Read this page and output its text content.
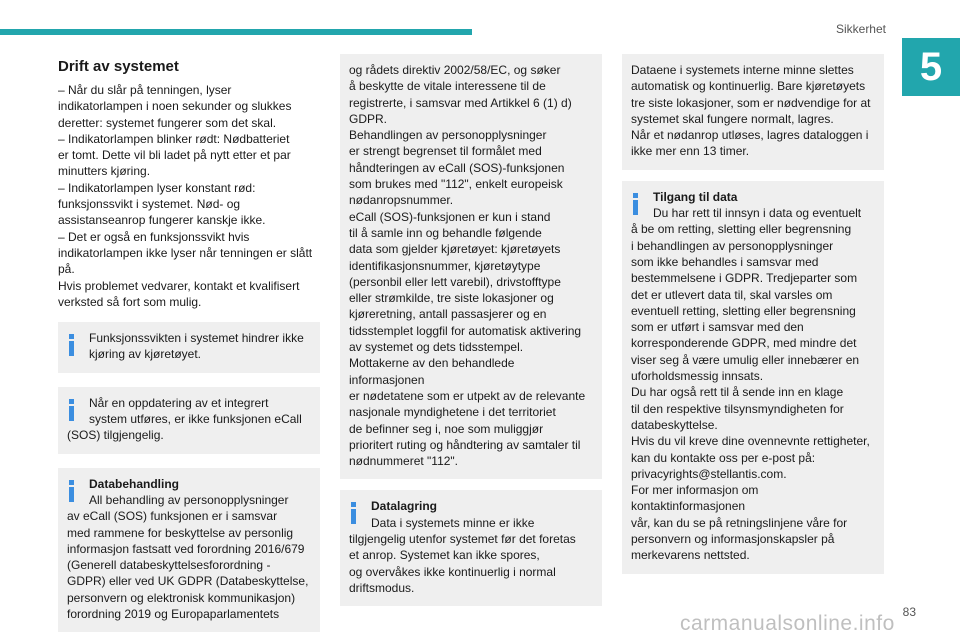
Sikkerhet
5
Drift av systemet
– Når du slår på tenningen, lyser
indikatorlampen i noen sekunder og slukkes
deretter: systemet fungerer som det skal.
– Indikatorlampen blinker rødt: Nødbatteriet
er tomt. Dette vil bli ladet på nytt etter et par
minutters kjøring.
– Indikatorlampen lyser konstant rød:
funksjonssvikt i systemet. Nød- og
assistanseanrop fungerer kanskje ikke.
– Det er også en funksjonssvikt hvis
indikatorlampen ikke lyser når tenningen er slått
på.
Hvis problemet vedvarer, kontakt et kvalifisert
verksted så fort som mulig.
Funksjonssvikten i systemet hindrer ikke
kjøring av kjøretøyet.
Når en oppdatering av et integrert
system utføres, er ikke funksjonen eCall
(SOS) tilgjengelig.
Databehandling
All behandling av personopplysninger
av eCall (SOS) funksjonen er i samsvar
med rammene for beskyttelse av personlig
informasjon fastsatt ved forordning 2016/679
(Generell databeskyttelsesforordning -
GDPR) eller ved UK GDPR (Databeskyttelse,
personvern og elektronisk kommunikasjon)
forordning 2019 og Europaparlamentets
og rådets direktiv 2002/58/EC, og søker
å beskytte de vitale interessene til de
registrerte, i samsvar med Artikkel 6 (1) d)
GDPR.
Behandlingen av personopplysninger
er strengt begrenset til formålet med
håndteringen av eCall (SOS)-funksjonen
som brukes med "112", enkelt europeisk
nødanropsnummer.
eCall (SOS)-funksjonen er kun i stand
til å samle inn og behandle følgende
data som gjelder kjøretøyet: kjøretøyets
identifikasjonsnummer, kjøretøytype
(personbil eller lett varebil), drivstofftype
eller strømkilde, tre siste lokasjoner og
kjøreretning, antall passasjerer og en
tidsstemplet loggfil for automatisk aktivering
av systemet og dets tidsstempel.
Mottakerne av den behandlede informasjonen
er nødetatene som er utpekt av de relevante
nasjonale myndighetene i det territoriet
de befinner seg i, noe som muliggjør
prioritert ruting og håndtering av samtaler til
nødnummeret "112".
Datalagring
Data i systemets minne er ikke
tilgjengelig utenfor systemet før det foretas
et anrop. Systemet kan ikke spores,
og overvåkes ikke kontinuerlig i normal
driftsmodus.
Dataene i systemets interne minne slettes
automatisk og kontinuerlig. Bare kjøretøyets
tre siste lokasjoner, som er nødvendige for at
systemet skal fungere normalt, lagres.
Når et nødanrop utløses, lagres dataloggen i
ikke mer enn 13 timer.
Tilgang til data
Du har rett til innsyn i data og eventuelt
å be om retting, sletting eller begrensning
i behandlingen av personopplysninger
som ikke behandles i samsvar med
bestemmelsene i GDPR. Tredjeparter som
det er utlevert data til, skal varsles om
eventuell retting, sletting eller begrensning
som er utført i samsvar med den
korresponderende GDPR, med mindre det
viser seg å være umulig eller innebærer en
uforholdsmessig innsats.
Du har også rett til å sende inn en klage
til den respektive tilsynsmyndigheten for
databeskyttelse.
Hvis du vil kreve dine ovennevnte rettigheter,
kan du kontakte oss per e-post på:
privacyrights@stellantis.com.
For mer informasjon om kontaktinformasjonen
vår, kan du se på retningslinjene våre for
personvern og informasjonskapsler på
merkevarens nettsted.
83
carmanualsonline.info
